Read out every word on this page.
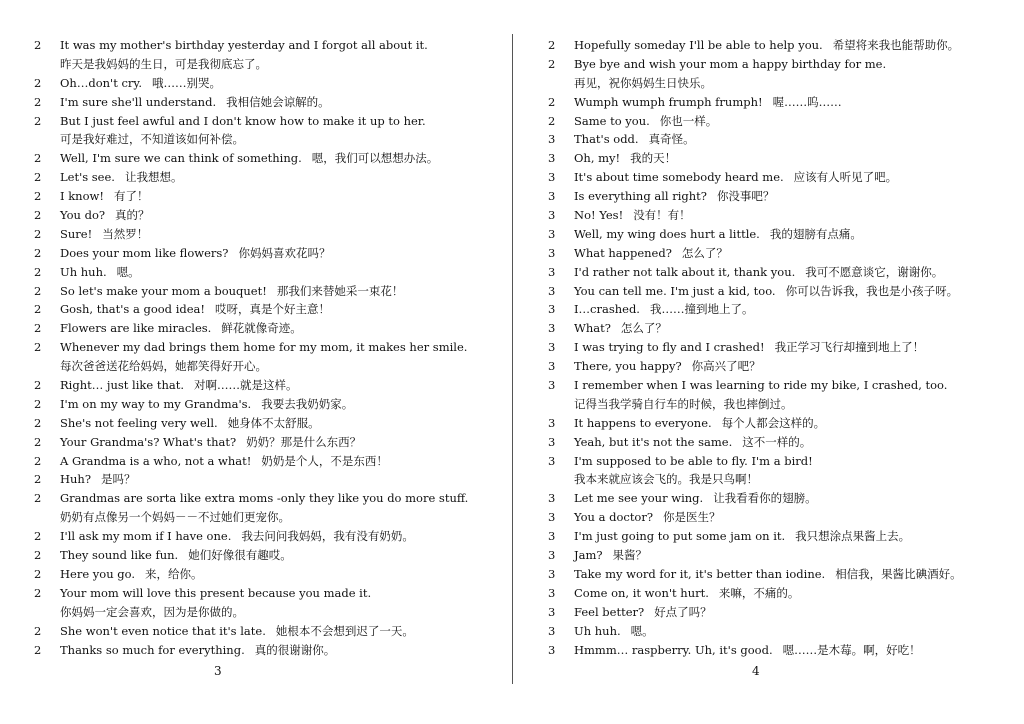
2 It was my mother's birthday yesterday and I forgot all about it.
昨天是我妈妈的生日，可是我彻底忘了。
2 Oh…don't cry. 哦……别哭。
2 I'm sure she'll understand. 我相信她会谅解的。
2 But I just feel awful and I don't know how to make it up to her.
可是我好难过，不知道该如何补偿。
2 Well, I'm sure we can think of something. 嗯，我们可以想想办法。
2 Let's see. 让我想想。
2 I know! 有了！
2 You do? 真的？
2 Sure! 当然罗！
2 Does your mom like flowers? 你妈妈喜欢花吗？
2 Uh huh. 嗯。
2 So let's make your mom a bouquet! 那我们来替她采一束花！
2 Gosh, that's a good idea! 哎呀，真是个好主意！
2 Flowers are like miracles. 鲜花就像奇迹。
2 Whenever my dad brings them home for my mom, it makes her smile.
每次爸爸送花给妈妈，她都笑得好开心。
2 Right… just like that. 对啊……就是这样。
2 I'm on my way to my Grandma's. 我要去我奶奶家。
2 She's not feeling very well. 她身体不太舒服。
2 Your Grandma's? What's that? 奶奶？那是什么东西？
2 A Grandma is a who, not a what! 奶奶是个人，不是东西！
2 Huh? 是吗？
2 Grandmas are sorta like extra moms -only they like you do more stuff.
奶奶有点像另一个妈妈－－不过她们更宠你。
2 I'll ask my mom if I have one. 我去问问我妈妈，我有没有奶奶。
2 They sound like fun. 她们好像很有趣哎。
2 Here you go. 来，给你。
2 Your mom will love this present because you made it.
你妈妈一定会喜欢，因为是你做的。
2 She won't even notice that it's late. 她根本不会想到迟了一天。
2 Thanks so much for everything. 真的很谢谢你。
2 Hopefully someday I'll be able to help you. 希望将来我也能帮助你。
2 Bye bye and wish your mom a happy birthday for me.
再见，祝你妈妈生日快乐。
2 Wumph wumph frumph frumph! 喔……呜……
2 Same to you. 你也一样。
3 That's odd. 真奇怪。
3 Oh, my! 我的天！
3 It's about time somebody heard me. 应该有人听见了吧。
3 Is everything all right? 你没事吧？
3 No! Yes! 没有！有！
3 Well, my wing does hurt a little. 我的翅膀有点痛。
3 What happened? 怎么了？
3 I'd rather not talk about it, thank you. 我可不愿意谈它，谢谢你。
3 You can tell me. I'm just a kid, too. 你可以告诉我，我也是小孩子呀。
3 I…crashed. 我……撞到地上了。
3 What? 怎么了？
3 I was trying to fly and I crashed! 我正学习飞行却撞到地上了！
3 There, you happy? 你高兴了吧？
3 I remember when I was learning to ride my bike, I crashed, too.
记得当我学骑自行车的时候，我也摔倒过。
3 It happens to everyone. 每个人都会这样的。
3 Yeah, but it's not the same. 这不一样的。
3 I'm supposed to be able to fly. I'm a bird!
我本来就应该会飞的。我是只鸟啊！
3 Let me see your wing. 让我看看你的翅膀。
3 You a doctor? 你是医生？
3 I'm just going to put some jam on it. 我只想涂点果酱上去。
3 Jam? 果酱？
3 Take my word for it, it's better than iodine. 相信我，果酱比碘酒好。
3 Come on, it won't hurt. 来嘛，不痛的。
3 Feel better? 好点了吗？
3 Uh huh. 嗯。
3 Hmmm… raspberry. Uh, it's good. 嗯……是木莓。啊，好吃！
3	4
